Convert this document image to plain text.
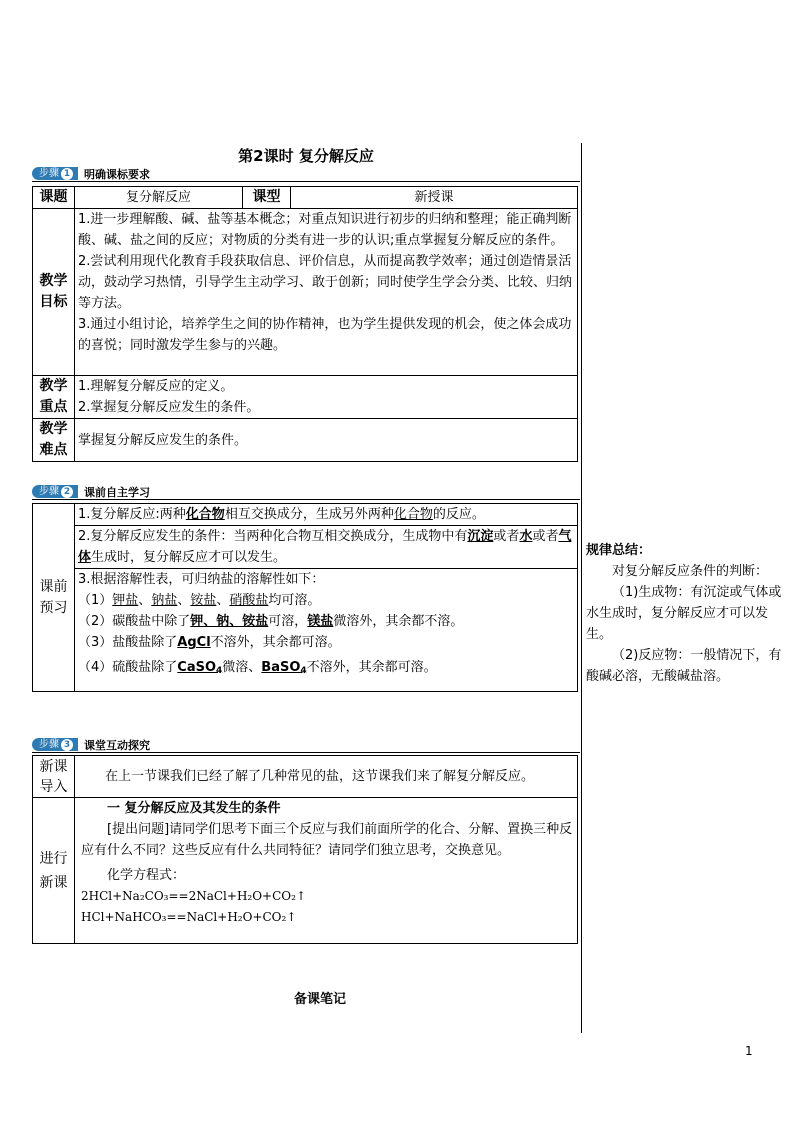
第2课时 复分解反应
步骤 1 明确课标要求
课题	复分解反应	课型	新授课
教学目标	1.进一步理解酸、碱、盐等基本概念；对重点知识进行初步的归纳和整理；能正确判断酸、碱、盐之间的反应；对物质的分类有进一步的认识;重点掌握复分解反应的条件。
2.尝试利用现代化教育手段获取信息、评价信息，从而提高教学效率；通过创造情景活动，鼓动学习热情，引导学生主动学习、敢于创新；同时使学生学会分类、比较、归纳等方法。
3.通过小组讨论，培养学生之间的协作精神，也为学生提供发现的机会，使之体会成功的喜悦；同时激发学生参与的兴趣。		

教学重点	1.理解复分解反应的定义。
2.掌握复分解反应发生的条件。		

教学难点	掌握复分解反应发生的条件。		
步骤 2 课前自主学习
课前预习	1.复分解反应:两种化合物相互交换成分，生成另外两种化合物的反应。
2.复分解反应发生的条件：当两种化合物互相交换成分，生成物中有沉淀或者水或者气体生成时，复分解反应才可以发生。

3.根据溶解性表，可归纳盐的溶解性如下：
（1）钾盐、钠盐、铵盐、硝酸盐均可溶。
（2）碳酸盐中除了钾、钠、铵盐可溶，镁盐微溶外，其余都不溶。
（3）盐酸盐除了AgCl不溶外，其余都可溶。
（4）硫酸盐除了CaSO$_4$微溶、BaSO$_4$不溶外，其余都可溶。
步骤 3 课堂互动探究
新课导入	在上一节课我们已经了解了几种常见的盐，这节课我们来了解复分解反应。
进行新课	一 复分解反应及其发生的条件
[提出问题]请同学们思考下面三个反应与我们前面所学的化合、分解、置换三种反应有什么不同？这些反应有什么共同特征？请同学们独立思考，交换意见。
化学方程式：
2HCl+Na₂CO₃==2NaCl+H₂O+CO₂↑
HCl+NaHCO₃==NaCl+H₂O+CO₂↑
规律总结：
对复分解反应条件的判断：
（1)生成物：有沉淀或气体或水生成时，复分解反应才可以发生。
（2)反应物：一般情况下，有酸碱必溶，无酸碱盐溶。
备课笔记
1
